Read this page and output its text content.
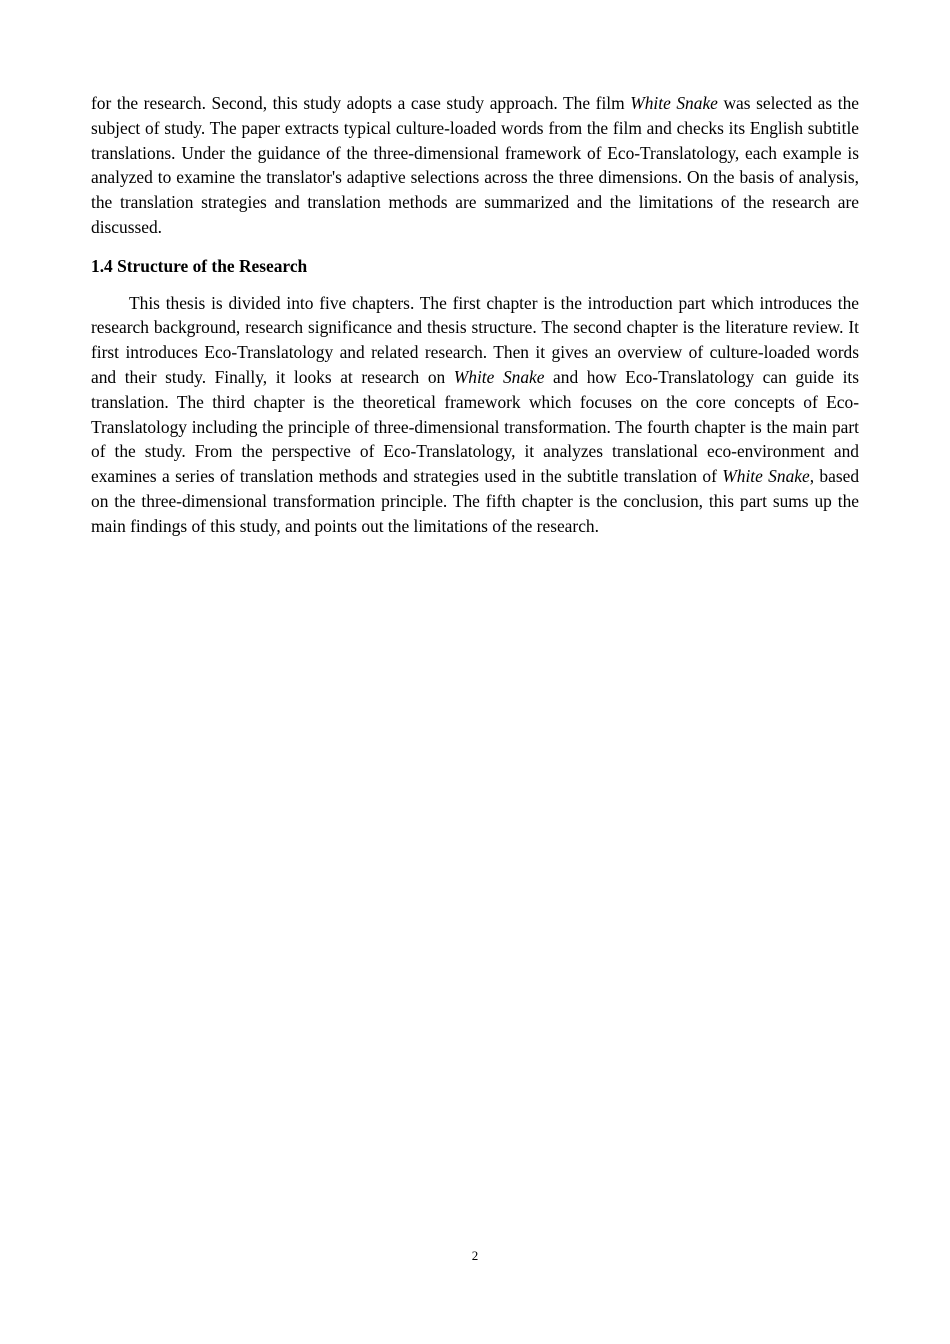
for the research. Second, this study adopts a case study approach. The film White Snake was selected as the subject of study. The paper extracts typical culture-loaded words from the film and checks its English subtitle translations. Under the guidance of the three-dimensional framework of Eco-Translatology, each example is analyzed to examine the translator's adaptive selections across the three dimensions. On the basis of analysis, the translation strategies and translation methods are summarized and the limitations of the research are discussed.

1.4 Structure of the Research

This thesis is divided into five chapters. The first chapter is the introduction part which introduces the research background, research significance and thesis structure. The second chapter is the literature review. It first introduces Eco-Translatology and related research. Then it gives an overview of culture-loaded words and their study. Finally, it looks at research on White Snake and how Eco-Translatology can guide its translation. The third chapter is the theoretical framework which focuses on the core concepts of Eco-Translatology including the principle of three-dimensional transformation. The fourth chapter is the main part of the study. From the perspective of Eco-Translatology, it analyzes translational eco-environment and examines a series of translation methods and strategies used in the subtitle translation of White Snake, based on the three-dimensional transformation principle. The fifth chapter is the conclusion, this part sums up the main findings of this study, and points out the limitations of the research.

2
